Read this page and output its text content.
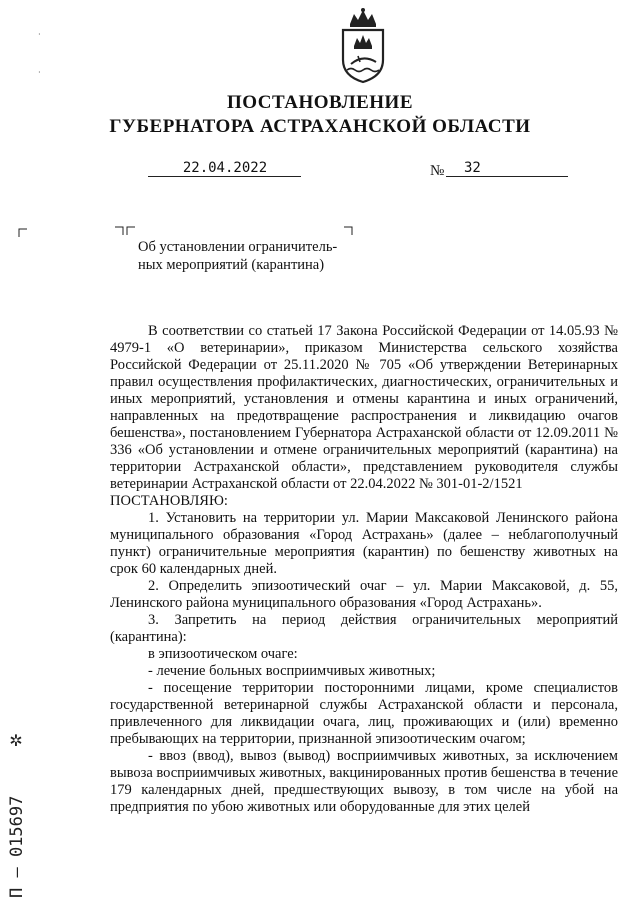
ПОСТАНОВЛЕНИЕ
ГУБЕРНАТОРА АСТРАХАНСКОЙ ОБЛАСТИ
22.04.2022	№	32
·
·
Об установлении ограничитель-
ных мероприятий (карантина)

В соответствии со статьей 17 Закона Российской Федерации от 14.05.93 № 4979-1 «О ветеринарии», приказом Министерства сельского хозяйства Российской Федерации от 25.11.2020 № 705 «Об утверждении Ветеринарных правил осуществления профилактических, диагностических, ограничительных и иных мероприятий, установления и отмены карантина и иных ограничений, направленных на предотвращение распространения и ликвидацию очагов бешенства», постановлением Губернатора Астраханской области от 12.09.2011 № 336 «Об установлении и отмене ограничительных мероприятий (карантина) на территории Астраханской области», представлением руководителя службы ветеринарии Астраханской области от 22.04.2022 № 301-01-2/1521

ПОСТАНОВЛЯЮ:

1. Установить на территории ул. Марии Максаковой Ленинского района муниципального образования «Город Астрахань» (далее – неблагополучный пункт) ограничительные мероприятия (карантин) по бешенству животных на срок 60 календарных дней.

2. Определить эпизоотический очаг – ул. Марии Максаковой, д. 55, Ленинского района муниципального образования «Город Астрахань».

3. Запретить на период действия ограничительных мероприятий (карантина):

в эпизоотическом очаге:

- лечение больных восприимчивых животных;

- посещение территории посторонними лицами, кроме специалистов государственной ветеринарной службы Астраханской области и персонала, привлеченного для ликвидации очага, лиц, проживающих и (или) временно пребывающих на территории, признанной эпизоотическим очагом;

- ввоз (ввод), вывоз (вывод) восприимчивых животных, за исключением вывоза восприимчивых животных, вакцинированных против бешенства в течение 179 календарных дней, предшествующих вывозу, в том числе на убой на предприятия по убою животных или оборудованные для этих целей

✲
П – 015697
